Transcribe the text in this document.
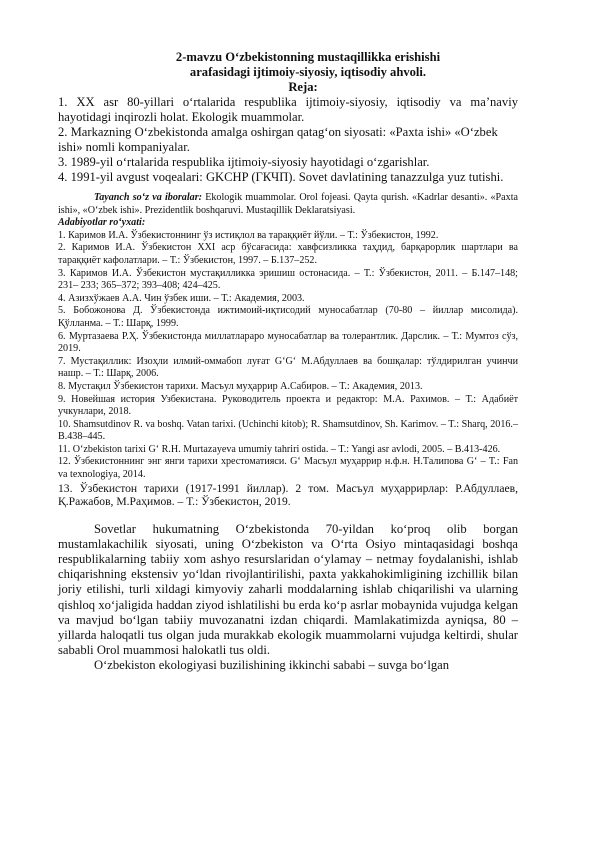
2-mavzu O‘zbekistonning mustaqillikka erishishi
arafasidagi ijtimoiy-siyosiy, iqtisodiy ahvoli.
Reja:

1. XX asr 80-yillari o‘rtalarida respublika ijtimoiy-siyosiy, iqtisodiy va ma’naviy hayotidagi inqirozli holat. Ekologik muammolar.

2. Markazning O‘zbekistonda amalga oshirgan qatag‘on siyosati: «Paxta ishi» «O‘zbek ishi» nomli kompaniyalar.

3. 1989-yil o‘rtalarida respublika ijtimoiy-siyosiy hayotidagi o‘zgarishlar.

4. 1991-yil avgust voqealari: GKCHP (ГКЧП). Sovet davlatining tanazzulga yuz tutishi.

Tayanch so‘z va iboralar: Ekologik muammolar. Orol fojeasi. Qayta qurish. «Kadrlar desanti». «Paxta ishi», «O‘zbek ishi». Prezidentlik boshqaruvi. Mustaqillik Deklaratsiyasi.

Adabiyotlar ro‘yxati:

1. Каримов И.А. Ўзбекистоннинг ўз истиқлол ва тараққиёт йўли. – Т.: Ўзбекистон, 1992.

2. Каримов И.А. Ўзбекистон XXI аср бўсағасида: хавфсизликка таҳдид, барқарорлик шартлари ва тараққиёт кафолатлари. – Т.: Ўзбекистон, 1997. – Б.137–252.

3. Каримов И.А. Ўзбекистон мустақилликка эришиш остонасида. – Т.: Ўзбекистон, 2011. – Б.147–148; 231– 233; 365–372; 393–408; 424–425.

4. Азизхўжаев А.А. Чин ўзбек иши. – Т.: Академия, 2003.

5. Бобожонова Д. Ўзбекистонда ижтимоий-иқтисодий муносабатлар (70-80 – йиллар мисолида). Қўлланма. – Т.: Шарқ, 1999.

6. Муртазаева Р.Ҳ. Ўзбекистонда миллатлараро муносабатлар ва толерантлик. Дарслик. – Т.: Мумтоз сўз, 2019.

7. Мустақиллик: Изоҳли илмий-оммабоп луғат G‘G‘ М.Абдуллаев ва бошқалар: тўлдирилган учинчи нашр. – Т.: Шарқ, 2006.

8. Мустақил Ўзбекистон тарихи. Масъул муҳаррир А.Сабиров. – Т.: Академия, 2013.

9. Новейшая история Узбекистана. Руководитель проекта и редактор: М.А. Рахимов. – Т.: Адабиёт учкунлари, 2018.

10. Shamsutdinov R. va boshq. Vatan tarixi. (Uchinchi kitob); R. Shamsutdinov, Sh. Karimov. – T.: Sharq, 2016.– B.438–445.

11. O‘zbekiston tarixi G‘ R.H. Murtazayeva umumiy tahriri ostida. – T.: Yangi asr avlodi, 2005. – B.413-426.

12. Ўзбекистоннинг энг янги тарихи хрестоматияси. G‘ Масъул муҳаррир н.ф.н. Н.Талипова G‘ – T.: Fan va texnologiya, 2014.

13. Ўзбекистон тарихи (1917-1991 йиллар). 2 том. Масъул муҳаррирлар: Р.Абдуллаев, Қ.Ражабов, М.Раҳимов. – Т.: Ўзбекистон, 2019.

Sovetlar hukumatning O‘zbekistonda 70-yildan ko‘proq olib borgan mustamlakachilik siyosati, uning O‘zbekiston va O‘rta Osiyo mintaqasidagi boshqa respublikalarning tabiiy xom ashyo resurslaridan o‘ylamay – netmay foydalanishi, ishlab chiqarishning ekstensiv yo‘ldan rivojlantirilishi, paxta yakkahokimligining izchillik bilan joriy etilishi, turli xildagi kimyoviy zaharli moddalarning ishlab chiqarilishi va ularning qishloq xo‘jaligida haddan ziyod ishlatilishi bu erda ko‘p asrlar mobaynida vujudga kelgan va mavjud bo‘lgan tabiiy muvozanatni izdan chiqardi. Mamlakatimizda ayniqsa, 80 – yillarda haloqatli tus olgan juda murakkab ekologik muammolarni vujudga keltirdi, shular sababli Orol muammosi halokatli tus oldi.

O‘zbekiston ekologiyasi buzilishining ikkinchi sababi – suvga bo‘lgan
